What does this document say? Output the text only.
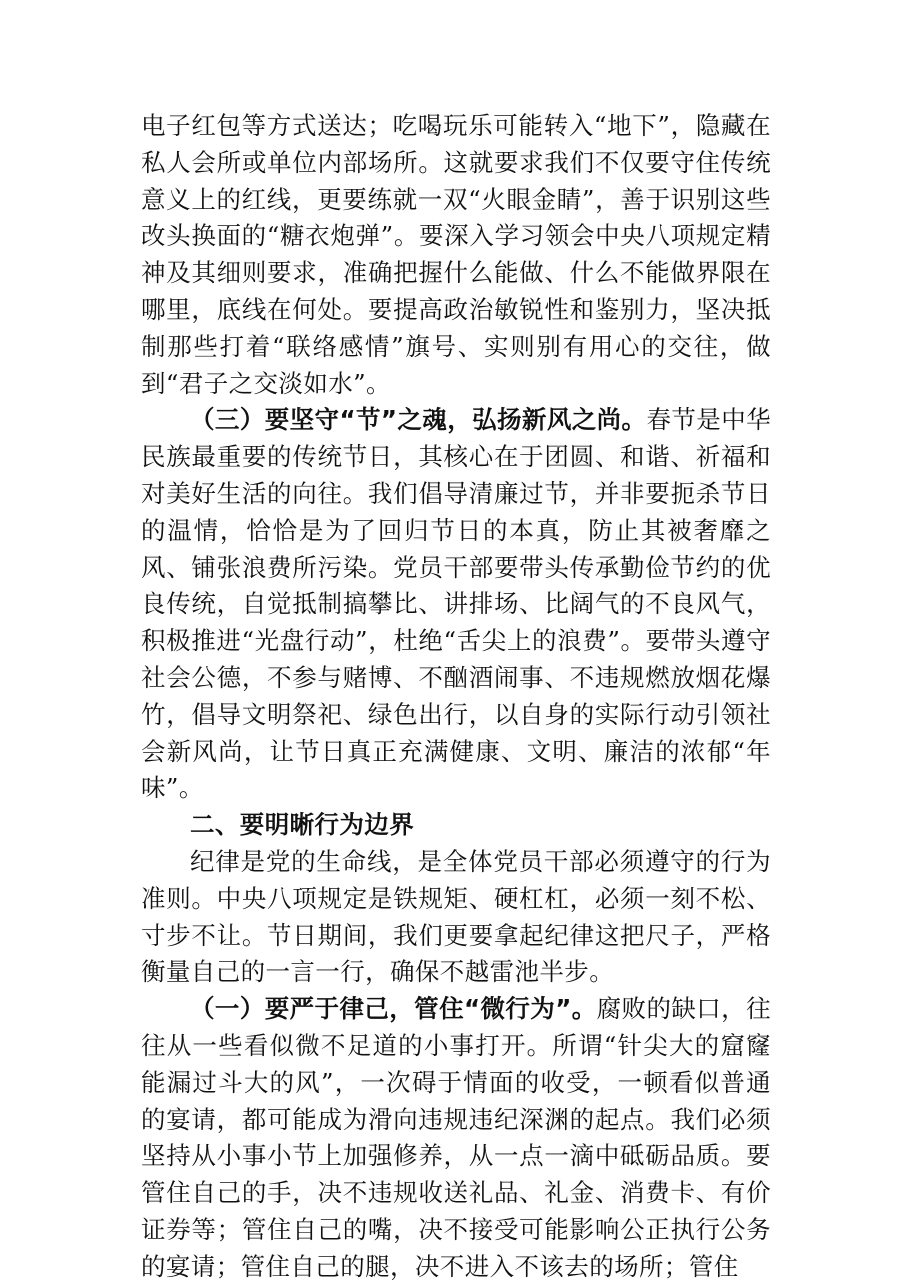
电子红包等方式送达；吃喝玩乐可能转入“地下”，隐藏在私人会所或单位内部场所。这就要求我们不仅要守住传统意义上的红线，更要练就一双“火眼金睛”，善于识别这些改头换面的“糖衣炮弹”。要深入学习领会中央八项规定精神及其细则要求，准确把握什么能做、什么不能做界限在哪里，底线在何处。要提高政治敏锐性和鉴别力，坚决抵制那些打着“联络感情”旗号、实则别有用心的交往，做到“君子之交淡如水”。

（三）要坚守“节”之魂，弘扬新风之尚。春节是中华民族最重要的传统节日，其核心在于团圆、和谐、祈福和对美好生活的向往。我们倡导清廉过节，并非要扼杀节日的温情，恰恰是为了回归节日的本真，防止其被奢靡之风、铺张浪费所污染。党员干部要带头传承勤俭节约的优良传统，自觉抵制搞攀比、讲排场、比阔气的不良风气，积极推进“光盘行动”，杜绝“舌尖上的浪费”。要带头遵守社会公德，不参与赌博、不酗酒闹事、不违规燃放烟花爆竹，倡导文明祭祀、绿色出行，以自身的实际行动引领社会新风尚，让节日真正充满健康、文明、廉洁的浓郁“年味”。

二、要明晰行为边界

纪律是党的生命线，是全体党员干部必须遵守的行为准则。中央八项规定是铁规矩、硬杠杠，必须一刻不松、寸步不让。节日期间，我们更要拿起纪律这把尺子，严格衡量自己的一言一行，确保不越雷池半步。

（一）要严于律己，管住“微行为”。腐败的缺口，往往从一些看似微不足道的小事打开。所谓“针尖大的窟窿能漏过斗大的风”，一次碍于情面的收受，一顿看似普通的宴请，都可能成为滑向违规违纪深渊的起点。我们必须坚持从小事小节上加强修养，从一点一滴中砥砺品质。要管住自己的手，决不违规收送礼品、礼金、消费卡、有价证券等；管住自己的嘴，决不接受可能影响公正执行公务的宴请；管住自己的腿，决不进入不该去的场所；管住
